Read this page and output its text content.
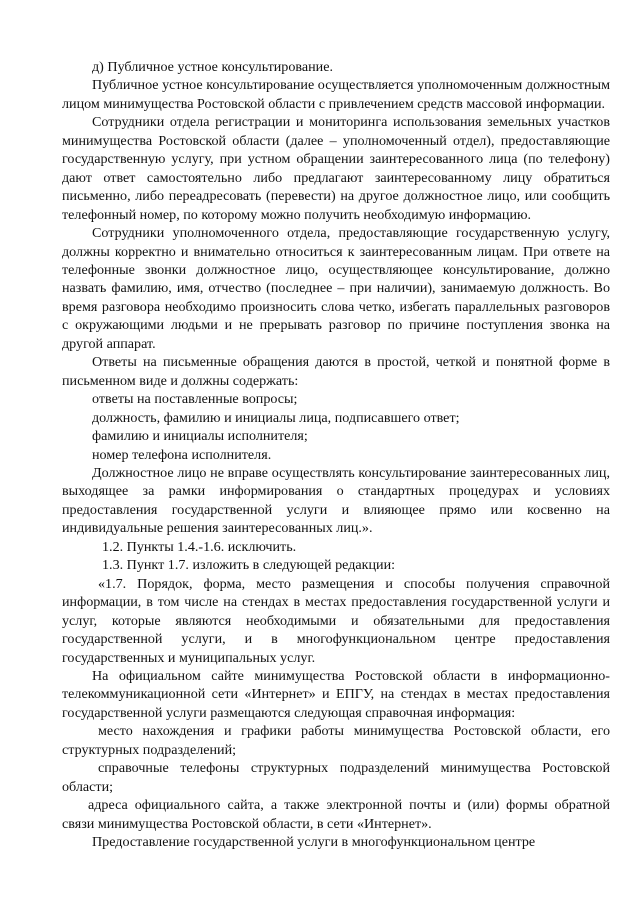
д) Публичное устное консультирование.

Публичное устное консультирование осуществляется уполномоченным должностным лицом минимущества Ростовской области с привлечением средств массовой информации.

Сотрудники отдела регистрации и мониторинга использования земельных участков минимущества Ростовской области (далее – уполномоченный отдел), предоставляющие государственную услугу, при устном обращении заинтересованного лица (по телефону) дают ответ самостоятельно либо предлагают заинтересованному лицу обратиться письменно, либо переадресовать (перевести) на другое должностное лицо, или сообщить телефонный номер, по которому можно получить необходимую информацию.

Сотрудники уполномоченного отдела, предоставляющие государственную услугу, должны корректно и внимательно относиться к заинтересованным лицам. При ответе на телефонные звонки должностное лицо, осуществляющее консультирование, должно назвать фамилию, имя, отчество (последнее – при наличии), занимаемую должность. Во время разговора необходимо произносить слова четко, избегать параллельных разговоров с окружающими людьми и не прерывать разговор по причине поступления звонка на другой аппарат.

Ответы на письменные обращения даются в простой, четкой и понятной форме в письменном виде и должны содержать:

ответы на поставленные вопросы;

должность, фамилию и инициалы лица, подписавшего ответ;

фамилию и инициалы исполнителя;

номер телефона исполнителя.

Должностное лицо не вправе осуществлять консультирование заинтересованных лиц, выходящее за рамки информирования о стандартных процедурах и условиях предоставления государственной услуги и влияющее прямо или косвенно на индивидуальные решения заинтересованных лиц.».

1.2. Пункты 1.4.-1.6. исключить.

1.3. Пункт 1.7. изложить в следующей редакции:

«1.7. Порядок, форма, место размещения и способы получения справочной информации, в том числе на стендах в местах предоставления государственной услуги и услуг, которые являются необходимыми и обязательными для предоставления государственной услуги, и в многофункциональном центре предоставления государственных и муниципальных услуг.

На официальном сайте минимущества Ростовской области в информационно-телекоммуникационной сети «Интернет» и ЕПГУ, на стендах в местах предоставления государственной услуги размещаются следующая справочная информация:

место нахождения и графики работы минимущества Ростовской области, его структурных подразделений;

справочные телефоны структурных подразделений минимущества Ростовской области;

адреса официального сайта, а также электронной почты и (или) формы обратной связи минимущества Ростовской области, в сети «Интернет».

Предоставление государственной услуги в многофункциональном центре
